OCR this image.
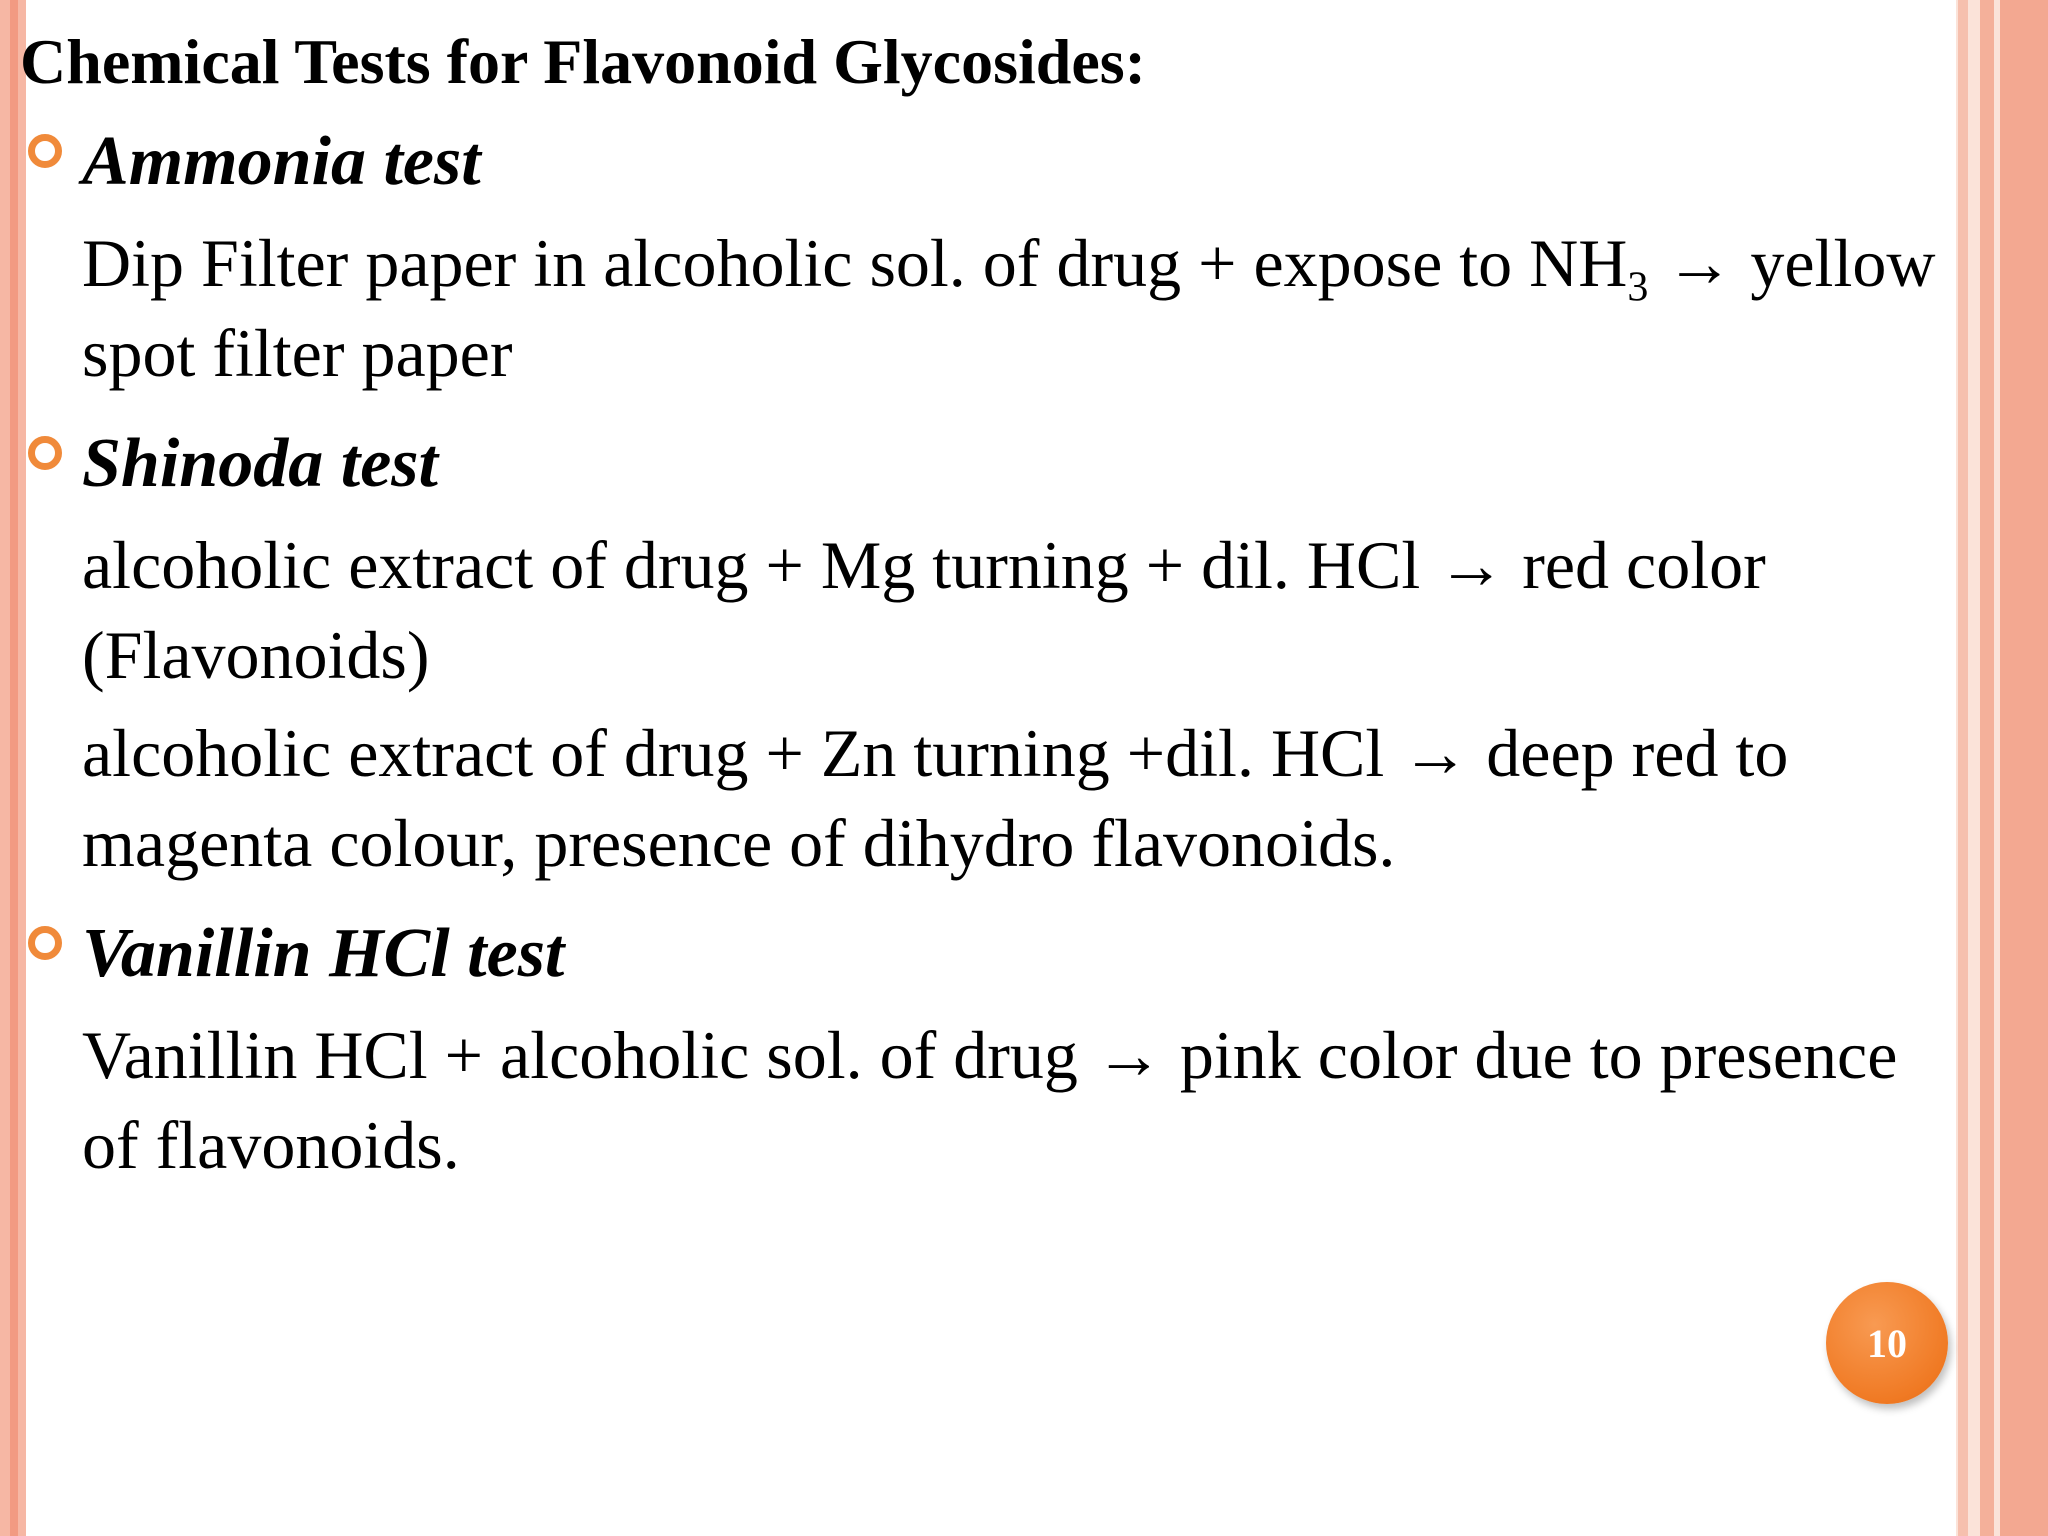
Chemical Tests for Flavonoid Glycosides:
Ammonia test

Dip Filter paper in alcoholic sol. of drug + expose to $NH_3$ → yellow spot filter paper

Shinoda test

alcoholic extract of drug + Mg turning + dil. HCl → red color (Flavonoids)

alcoholic extract of drug + Zn turning +dil. HCl → deep red to magenta colour, presence of dihydro flavonoids.

Vanillin HCl test

Vanillin HCl + alcoholic sol. of drug → pink color due to presence of flavonoids.

10
